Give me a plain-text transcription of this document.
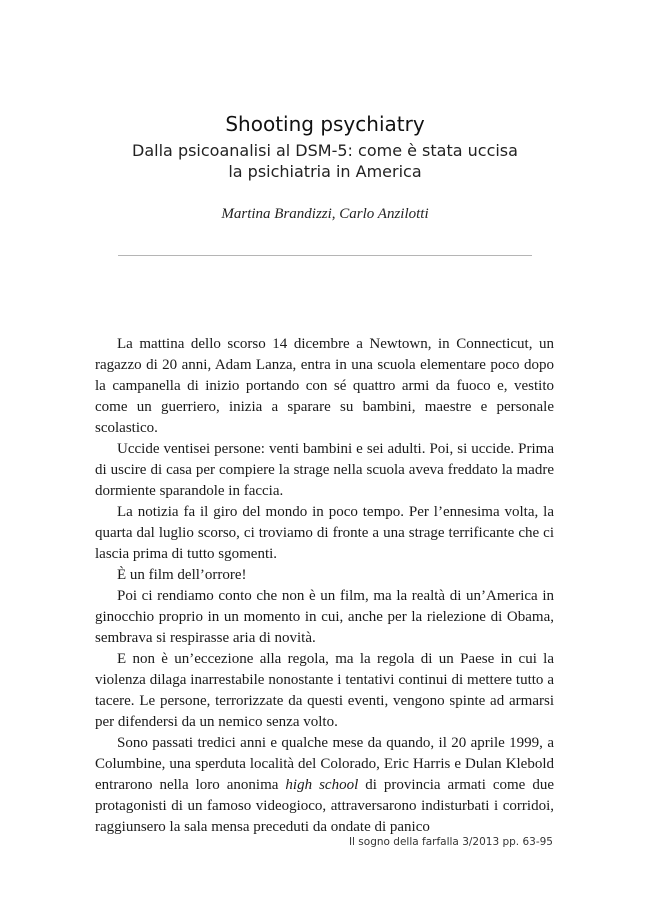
Shooting psychiatry
Dalla psicoanalisi al DSM-5: come è stata uccisa
la psichiatria in America
Martina Brandizzi, Carlo Anzilotti

La mattina dello scorso 14 dicembre a Newtown, in Connecticut, un ragazzo di 20 anni, Adam Lanza, entra in una scuola elementare poco dopo la campanella di inizio portando con sé quattro armi da fuoco e, vestito come un guerriero, inizia a sparare su bambini, maestre e personale scolastico.

Uccide ventisei persone: venti bambini e sei adulti. Poi, si uccide. Prima di uscire di casa per compiere la strage nella scuola aveva freddato la madre dormiente sparandole in faccia.

La notizia fa il giro del mondo in poco tempo. Per l’ennesima volta, la quarta dal luglio scorso, ci troviamo di fronte a una strage terrificante che ci lascia prima di tutto sgomenti.

È un film dell’orrore!

Poi ci rendiamo conto che non è un film, ma la realtà di un’America in ginocchio proprio in un momento in cui, anche per la rielezione di Obama, sembrava si respirasse aria di novità.

E non è un’eccezione alla regola, ma la regola di un Paese in cui la violenza dilaga inarrestabile nonostante i tentativi continui di mettere tutto a tacere. Le persone, terrorizzate da questi eventi, vengono spinte ad armarsi per difendersi da un nemico senza volto.

Sono passati tredici anni e qualche mese da quando, il 20 aprile 1999, a Columbine, una sperduta località del Colorado, Eric Harris e Dulan Klebold entrarono nella loro anonima high school di provincia armati come due protagonisti di un famoso videogioco, attraversarono indisturbati i corridoi, raggiunsero la sala mensa preceduti da ondate di panico

Il sogno della farfalla 3/2013 pp. 63-95
